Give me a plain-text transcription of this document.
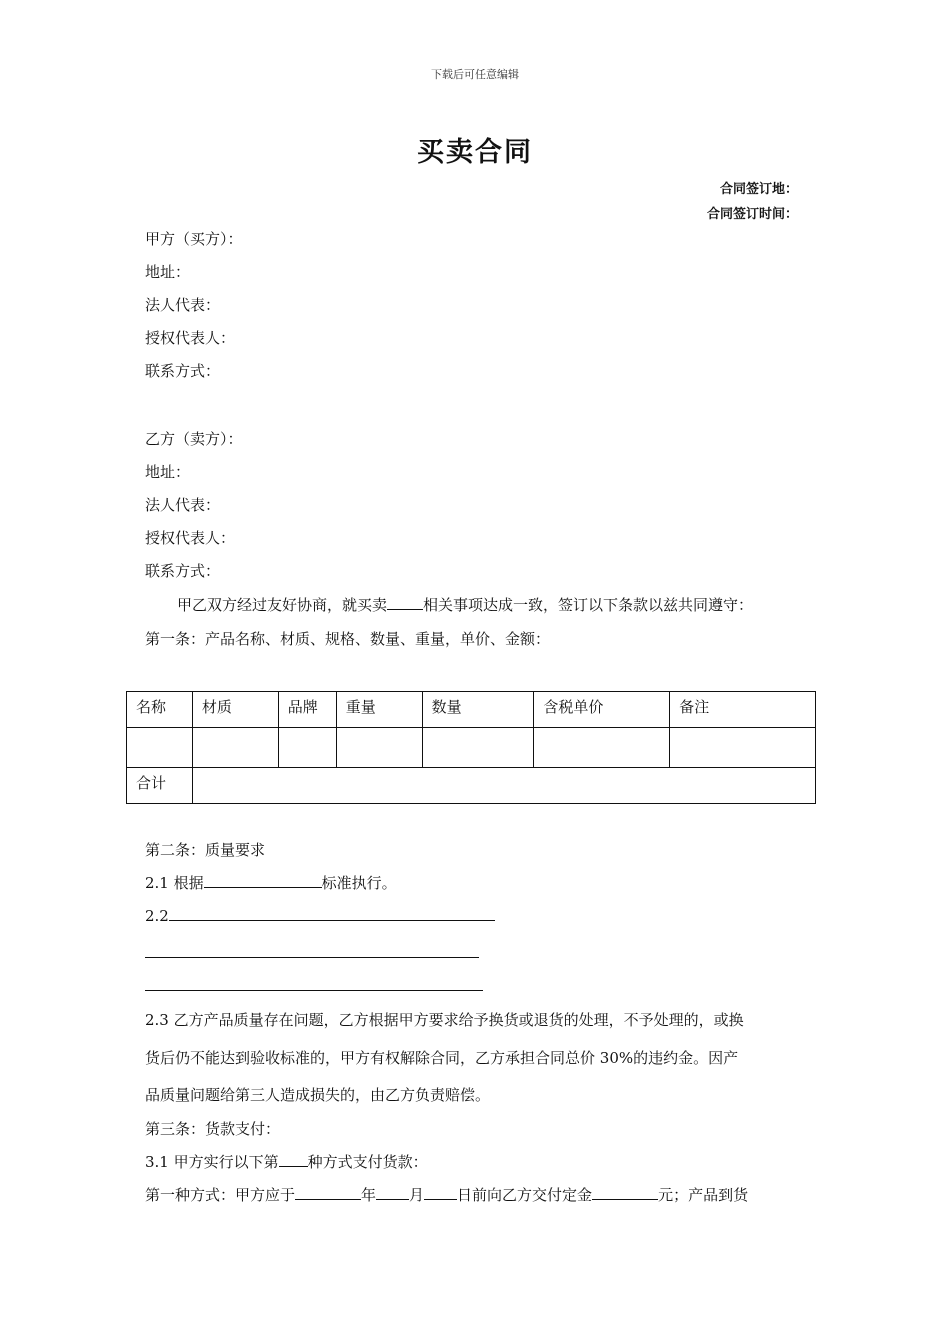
下载后可任意编辑
买卖合同
合同签订地：
合同签订时间：
甲方（买方）：
地址：
法人代表：
授权代表人：
联系方式：
乙方（卖方）：
地址：
法人代表：
授权代表人：
联系方式：
甲乙双方经过友好协商，就买卖 相关事项达成一致，签订以下条款以兹共同遵守：
第一条：产品名称、材质、规格、数量、重量，单价、金额：
名称	材质	品牌	重量	数量	含税单价	备注

合计						
第二条：质量要求
2.1 根据	标准执行。
2.2
2.3 乙方产品质量存在问题，乙方根据甲方要求给予换货或退货的处理，不予处理的，或换
货后仍不能达到验收标准的，甲方有权解除合同，乙方承担合同总价 30%的违约金。因产
品质量问题给第三人造成损失的，由乙方负责赔偿。
第三条：货款支付：
3.1 甲方实行以下第 种方式支付货款：
第一种方式：甲方应于	年 月 日前向乙方交付定金	元；产品到货
